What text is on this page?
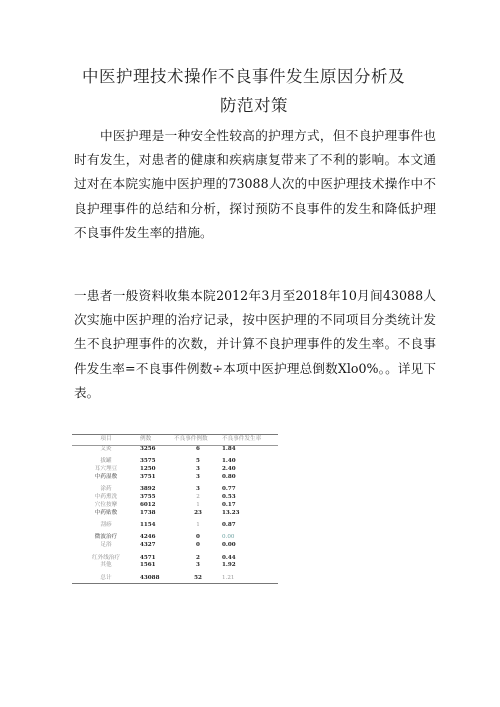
中医护理技术操作不良事件发生原因分析及
防范对策
中医护理是一种安全性较高的护理方式，但不良护理事件也时有发生，对患者的健康和疾病康复带来了不利的影响。本文通过对在本院实施中医护理的73088人次的中医护理技术操作中不良护理事件的总结和分析，探讨预防不良事件的发生和降低护理不良事件发生率的措施。
一患者一般资料收集本院2012年3月至2018年10月间43088人次实施中医护理的治疗记录，按中医护理的不同项目分类统计发生不良护理事件的次数，并计算不良护理事件的发生率。不良事件发生率=不良事件例数÷本项中医护理总倒数Xlo0%。。详见下表。
项目	例数	不良事件例数	不良事件发生率
艾灸	3256	6	1.84
拔罐	3575	5	1.40
耳穴埋豆	1250	3	2.40
中药湿敷	3751	3	0.80
涂药	3892	3	0.77
中药熏洗	3755	2	0.53
穴位按摩	6012	1	0.17
中药贴敷	1738	23	13.23
刮痧	1154	1	0.87
微波治疗	4246	0	0.00
足浴	4327	0	0.00
红外线治疗	4571	2	0.44
其他	1561	3	1.92
总计	43088	52	1.21
